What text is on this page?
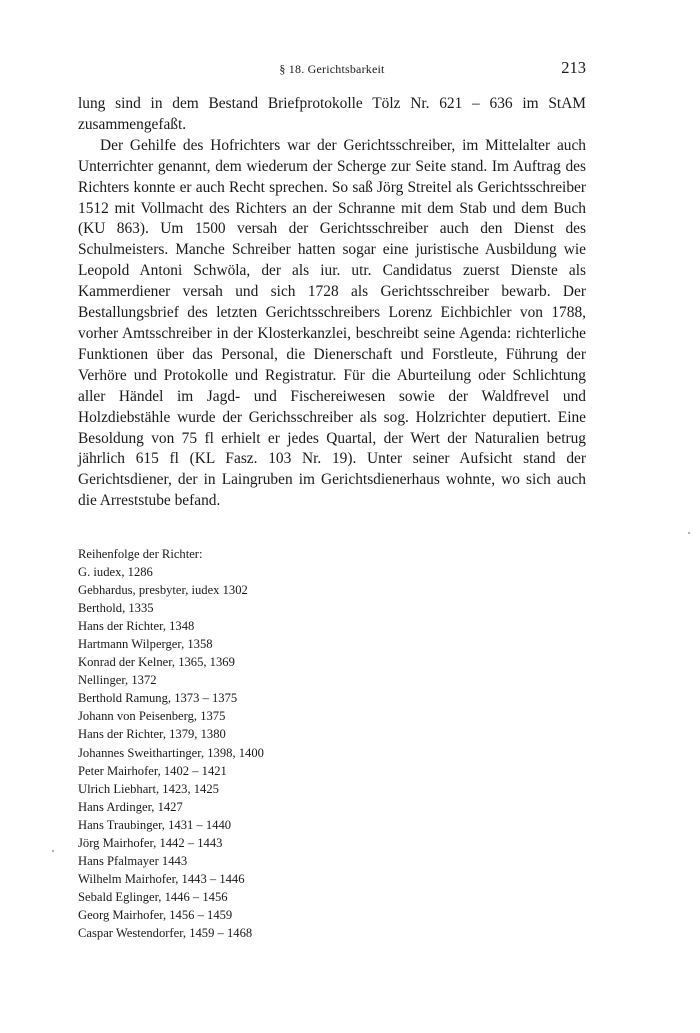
§ 18. Gerichtsbarkeit	213

lung sind in dem Bestand Briefprotokolle Tölz Nr. 621 – 636 im StAM zusammengefaßt.

Der Gehilfe des Hofrichters war der Gerichtsschreiber, im Mittelalter auch Unterrichter genannt, dem wiederum der Scherge zur Seite stand. Im Auftrag des Richters konnte er auch Recht sprechen. So saß Jörg Streitel als Gerichtsschreiber 1512 mit Vollmacht des Richters an der Schranne mit dem Stab und dem Buch (KU 863). Um 1500 versah der Gerichtsschreiber auch den Dienst des Schulmeisters. Manche Schreiber hatten sogar eine juristische Ausbildung wie Leopold Antoni Schwöla, der als iur. utr. Candidatus zuerst Dienste als Kammerdiener versah und sich 1728 als Gerichtsschreiber bewarb. Der Bestallungsbrief des letzten Gerichtsschreibers Lorenz Eichbichler von 1788, vorher Amtsschreiber in der Klosterkanzlei, beschreibt seine Agenda: richterliche Funktionen über das Personal, die Dienerschaft und Forstleute, Führung der Verhöre und Protokolle und Registratur. Für die Aburteilung oder Schlichtung aller Händel im Jagd- und Fischereiwesen sowie der Waldfrevel und Holzdiebstähle wurde der Gerichsschreiber als sog. Holzrichter deputiert. Eine Besoldung von 75 fl erhielt er jedes Quartal, der Wert der Naturalien betrug jährlich 615 fl (KL Fasz. 103 Nr. 19). Unter seiner Aufsicht stand der Gerichtsdiener, der in Laingruben im Gerichtsdienerhaus wohnte, wo sich auch die Arreststube befand.

Reihenfolge der Richter:

G. iudex, 1286
Gebhardus, presbyter, iudex 1302
Berthold, 1335
Hans der Richter, 1348
Hartmann Wilperger, 1358
Konrad der Kelner, 1365, 1369
Nellinger, 1372
Berthold Ramung, 1373 – 1375
Johann von Peisenberg, 1375
Hans der Richter, 1379, 1380
Johannes Sweithartinger, 1398, 1400
Peter Mairhofer, 1402 – 1421
Ulrich Liebhart, 1423, 1425
Hans Ardinger, 1427
Hans Traubinger, 1431 – 1440
Jörg Mairhofer, 1442 – 1443
Hans Pfalmayer 1443
Wilhelm Mairhofer, 1443 – 1446
Sebald Eglinger, 1446 – 1456
Georg Mairhofer, 1456 – 1459
Caspar Westendorfer, 1459 – 1468
